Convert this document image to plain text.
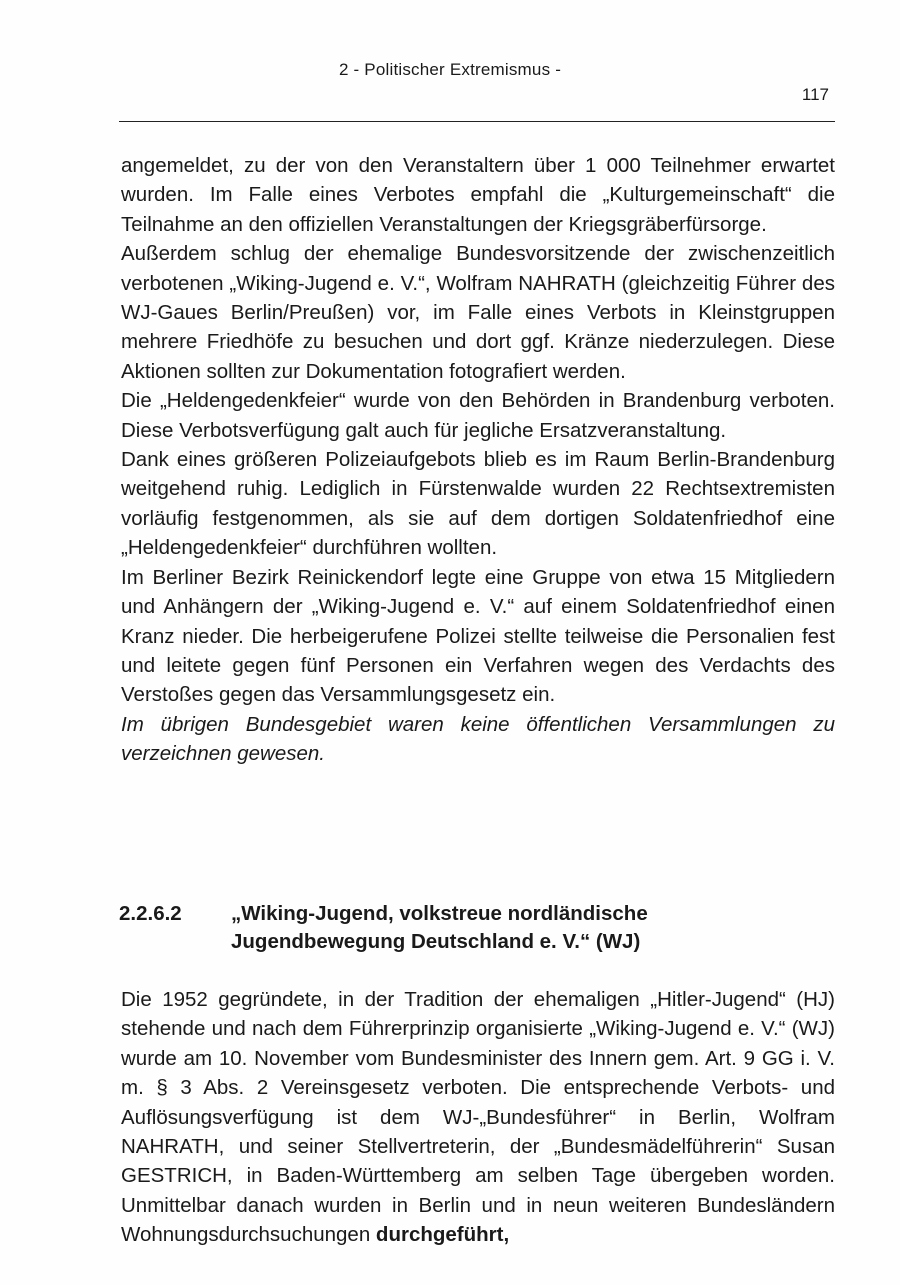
2 - Politischer Extremismus -
117

angemeldet, zu der von den Veranstaltern über 1 000 Teilnehmer erwartet wurden. Im Falle eines Verbotes empfahl die „Kulturgemeinschaft“ die Teilnahme an den offiziellen Veranstaltungen der Kriegsgräberfürsorge.

Außerdem schlug der ehemalige Bundesvorsitzende der zwischenzeitlich verbotenen „Wiking-Jugend e. V.“, Wolfram NAHRATH (gleichzeitig Führer des WJ-Gaues Berlin/Preußen) vor, im Falle eines Verbots in Kleinstgruppen mehrere Friedhöfe zu besuchen und dort ggf. Kränze niederzulegen. Diese Aktionen sollten zur Dokumentation fotografiert werden.

Die „Heldengedenkfeier“ wurde von den Behörden in Brandenburg verboten. Diese Verbotsverfügung galt auch für jegliche Ersatzveranstaltung.

Dank eines größeren Polizeiaufgebots blieb es im Raum Berlin-Brandenburg weitgehend ruhig. Lediglich in Fürstenwalde wurden 22 Rechtsextremisten vorläufig festgenommen, als sie auf dem dortigen Soldatenfriedhof eine „Heldengedenkfeier“ durchführen wollten.

Im Berliner Bezirk Reinickendorf legte eine Gruppe von etwa 15 Mitgliedern und Anhängern der „Wiking-Jugend e. V.“ auf einem Soldatenfriedhof einen Kranz nieder. Die herbeigerufene Polizei stellte teilweise die Personalien fest und leitete gegen fünf Personen ein Verfahren wegen des Verdachts des Verstoßes gegen das Versammlungsgesetz ein.

Im übrigen Bundesgebiet waren keine öffentlichen Versammlungen zu verzeichnen gewesen.

2.2.6.2 „Wiking-Jugend, volkstreue nordländische
Jugendbewegung Deutschland e. V.“ (WJ)

Die 1952 gegründete, in der Tradition der ehemaligen „Hitler-Jugend“ (HJ) stehende und nach dem Führerprinzip organisierte „Wiking-Jugend e. V.“ (WJ) wurde am 10. November vom Bundesminister des Innern gem. Art. 9 GG i. V. m. § 3 Abs. 2 Vereinsgesetz verboten. Die entsprechende Verbots- und Auflösungsverfügung ist dem WJ-„Bundesführer“ in Berlin, Wolfram NAHRATH, und seiner Stellvertreterin, der „Bundesmädelführerin“ Susan GESTRICH, in Baden-Württemberg am selben Tage übergeben worden. Unmittelbar danach wurden in Berlin und in neun weiteren Bundesländern Wohnungsdurchsuchungen durchgeführt,
